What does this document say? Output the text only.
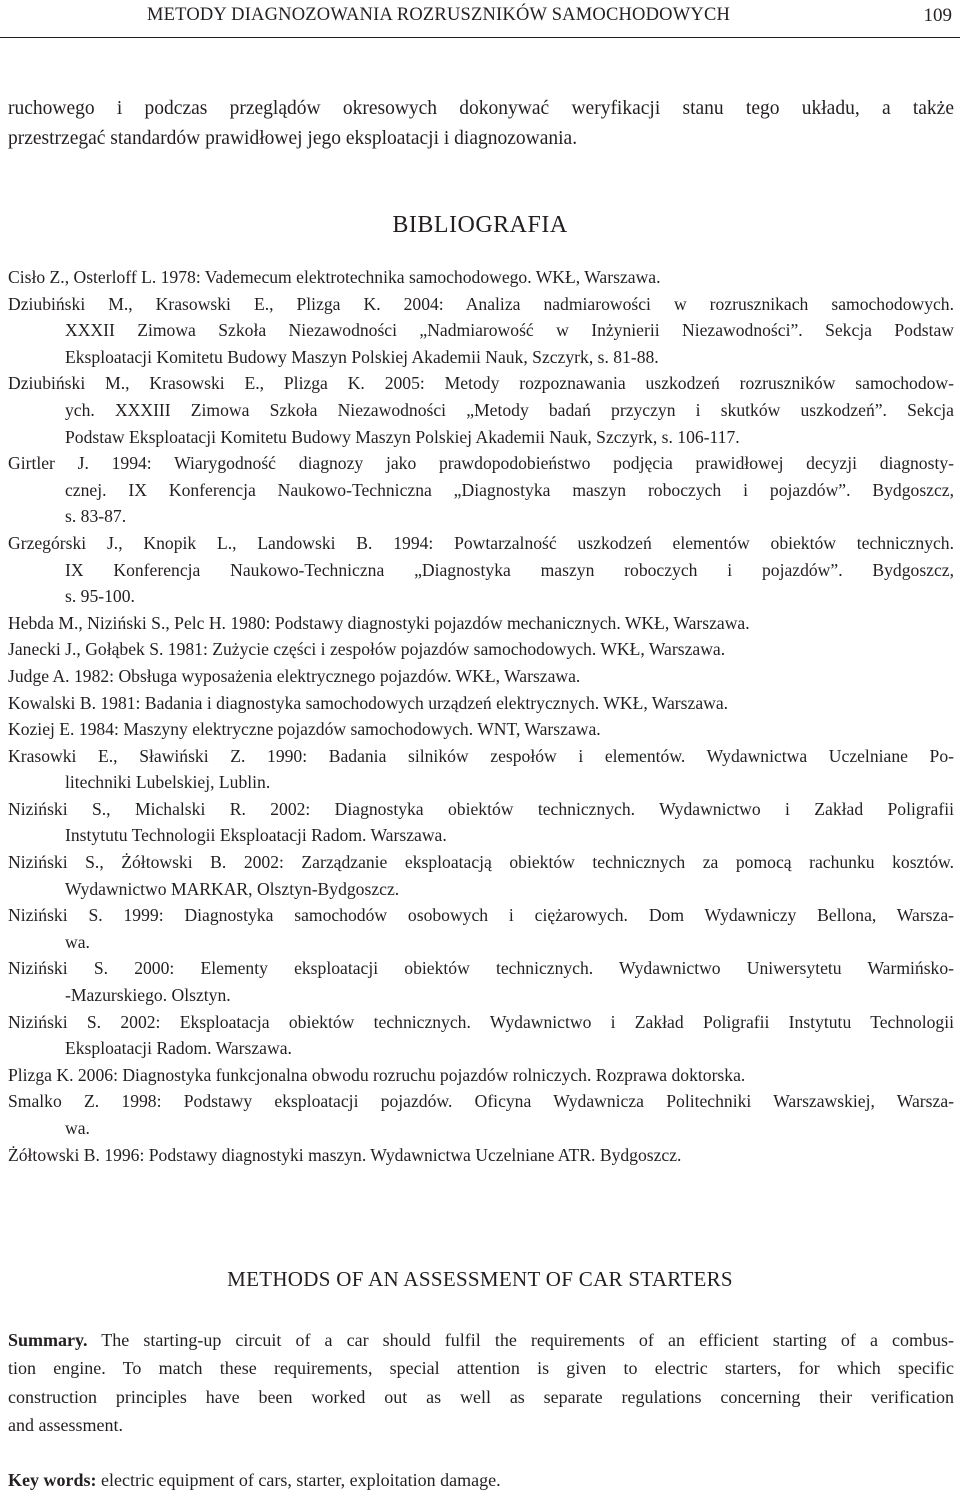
METODY DIAGNOZOWANIA ROZRUSZNIKÓW SAMOCHODOWYCH	109
ruchowego i podczas przeglądów okresowych dokonywać weryfikacji stanu tego układu, a także
przestrzegać standardów prawidłowej jego eksploatacji i diagnozowania.
BIBLIOGRAFIA
Cisło Z., Osterloff L. 1978: Vademecum elektrotechnika samochodowego. WKŁ, Warszawa.
Dziubiński M., Krasowski E., Plizga K. 2004: Analiza nadmiarowości w rozrusznikach samochodowych.
XXXII Zimowa Szkoła Niezawodności „Nadmiarowość w Inżynierii Niezawodności”. Sekcja Podstaw
Eksploatacji Komitetu Budowy Maszyn Polskiej Akademii Nauk, Szczyrk, s. 81-88.
Dziubiński M., Krasowski E., Plizga K. 2005: Metody rozpoznawania uszkodzeń rozruszników samochodow-
ych. XXXIII Zimowa Szkoła Niezawodności „Metody badań przyczyn i skutków uszkodzeń”. Sekcja
Podstaw Eksploatacji Komitetu Budowy Maszyn Polskiej Akademii Nauk, Szczyrk, s. 106-117.
Girtler J. 1994: Wiarygodność diagnozy jako prawdopodobieństwo podjęcia prawidłowej decyzji diagnosty-
cznej. IX Konferencja Naukowo-Techniczna „Diagnostyka maszyn roboczych i pojazdów”. Bydgoszcz,
s. 83-87.
Grzegórski J., Knopik L., Landowski B. 1994: Powtarzalność uszkodzeń elementów obiektów technicznych.
IX Konferencja Naukowo-Techniczna „Diagnostyka maszyn roboczych i pojazdów”. Bydgoszcz,
s. 95-100.
Hebda M., Niziński S., Pelc H. 1980: Podstawy diagnostyki pojazdów mechanicznych. WKŁ, Warszawa.
Janecki J., Gołąbek S. 1981: Zużycie części i zespołów pojazdów samochodowych. WKŁ, Warszawa.
Judge A. 1982: Obsługa wyposażenia elektrycznego pojazdów. WKŁ, Warszawa.
Kowalski B. 1981: Badania i diagnostyka samochodowych urządzeń elektrycznych. WKŁ, Warszawa.
Koziej E. 1984: Maszyny elektryczne pojazdów samochodowych. WNT, Warszawa.
Krasowki E., Sławiński Z. 1990: Badania silników zespołów i elementów. Wydawnictwa Uczelniane Po-
litechniki Lubelskiej, Lublin.
Niziński S., Michalski R. 2002: Diagnostyka obiektów technicznych. Wydawnictwo i Zakład Poligrafii
Instytutu Technologii Eksploatacji Radom. Warszawa.
Niziński S., Żółtowski B. 2002: Zarządzanie eksploatacją obiektów technicznych za pomocą rachunku kosztów.
Wydawnictwo MARKAR, Olsztyn-Bydgoszcz.
Niziński S. 1999: Diagnostyka samochodów osobowych i ciężarowych. Dom Wydawniczy Bellona, Warsza-
wa.
Niziński S. 2000: Elementy eksploatacji obiektów technicznych. Wydawnictwo Uniwersytetu Warmińsko-
-Mazurskiego. Olsztyn.
Niziński S. 2002: Eksploatacja obiektów technicznych. Wydawnictwo i Zakład Poligrafii Instytutu Technologii
Eksploatacji Radom. Warszawa.
Plizga K. 2006: Diagnostyka funkcjonalna obwodu rozruchu pojazdów rolniczych. Rozprawa doktorska.
Smalko Z. 1998: Podstawy eksploatacji pojazdów. Oficyna Wydawnicza Politechniki Warszawskiej, Warsza-
wa.
Żółtowski B. 1996: Podstawy diagnostyki maszyn. Wydawnictwa Uczelniane ATR. Bydgoszcz.
METHODS OF AN ASSESSMENT OF CAR STARTERS
Summary. The starting-up circuit of a car should fulfil the requirements of an efficient starting of a combus-
tion engine. To match these requirements, special attention is given to electric starters, for which specific
construction principles have been worked out as well as separate regulations concerning their verification
and assessment.
Key words: electric equipment of cars, starter, exploitation damage.
